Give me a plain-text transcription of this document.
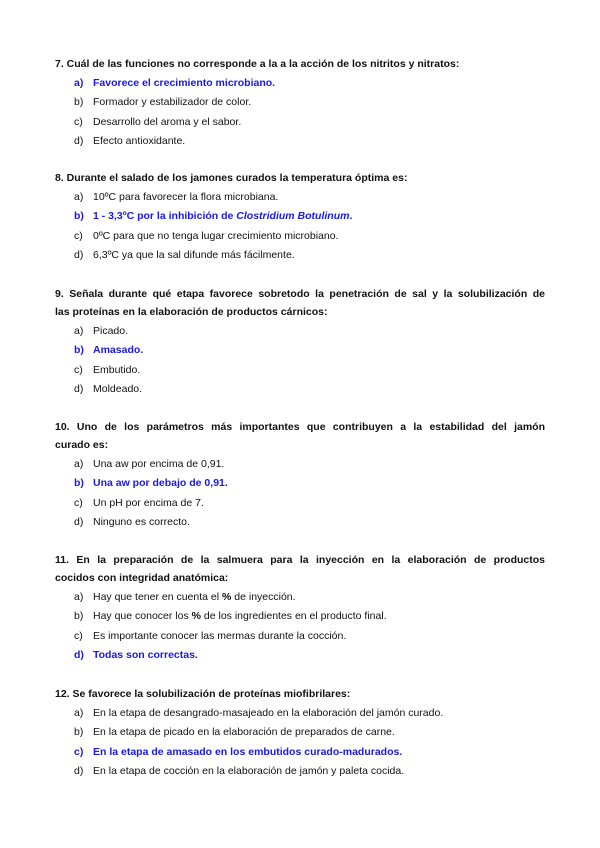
7. Cuál de las funciones no corresponde a la a la acción de los nitritos y nitratos:

a) Favorece el crecimiento microbiano.
b) Formador y estabilizador de color.
c) Desarrollo del aroma y el sabor.
d) Efecto antioxidante.

8. Durante el salado de los jamones curados la temperatura óptima es:

a) 10ºC para favorecer la flora microbiana.
b) 1 - 3,3ºC por la inhibición de Clostridium Botulinum.
c) 0ºC para que no tenga lugar crecimiento microbiano.
d) 6,3ºC ya que la sal difunde más fácilmente.

9. Señala durante qué etapa favorece sobretodo la penetración de sal y la solubilización de

las proteínas en la elaboración de productos cárnicos:

a) Picado.
b) Amasado.
c) Embutido.
d) Moldeado.

10. Uno de los parámetros más importantes que contribuyen a la estabilidad del jamón

curado es:

a) Una aw por encima de 0,91.
b) Una aw por debajo de 0,91.
c) Un pH por encima de 7.
d) Ninguno es correcto.

11. En la preparación de la salmuera para la inyección en la elaboración de productos

cocidos con integridad anatómica:

a) Hay que tener en cuenta el % de inyección.
b) Hay que conocer los % de los ingredientes en el producto final.
c) Es importante conocer las mermas durante la cocción.
d) Todas son correctas.

12. Se favorece la solubilización de proteínas miofibrilares:

a) En la etapa de desangrado-masajeado en la elaboración del jamón curado.
b) En la etapa de picado en la elaboración de preparados de carne.
c) En la etapa de amasado en los embutidos curado-madurados.
d) En la etapa de cocción en la elaboración de jamón y paleta cocida.
